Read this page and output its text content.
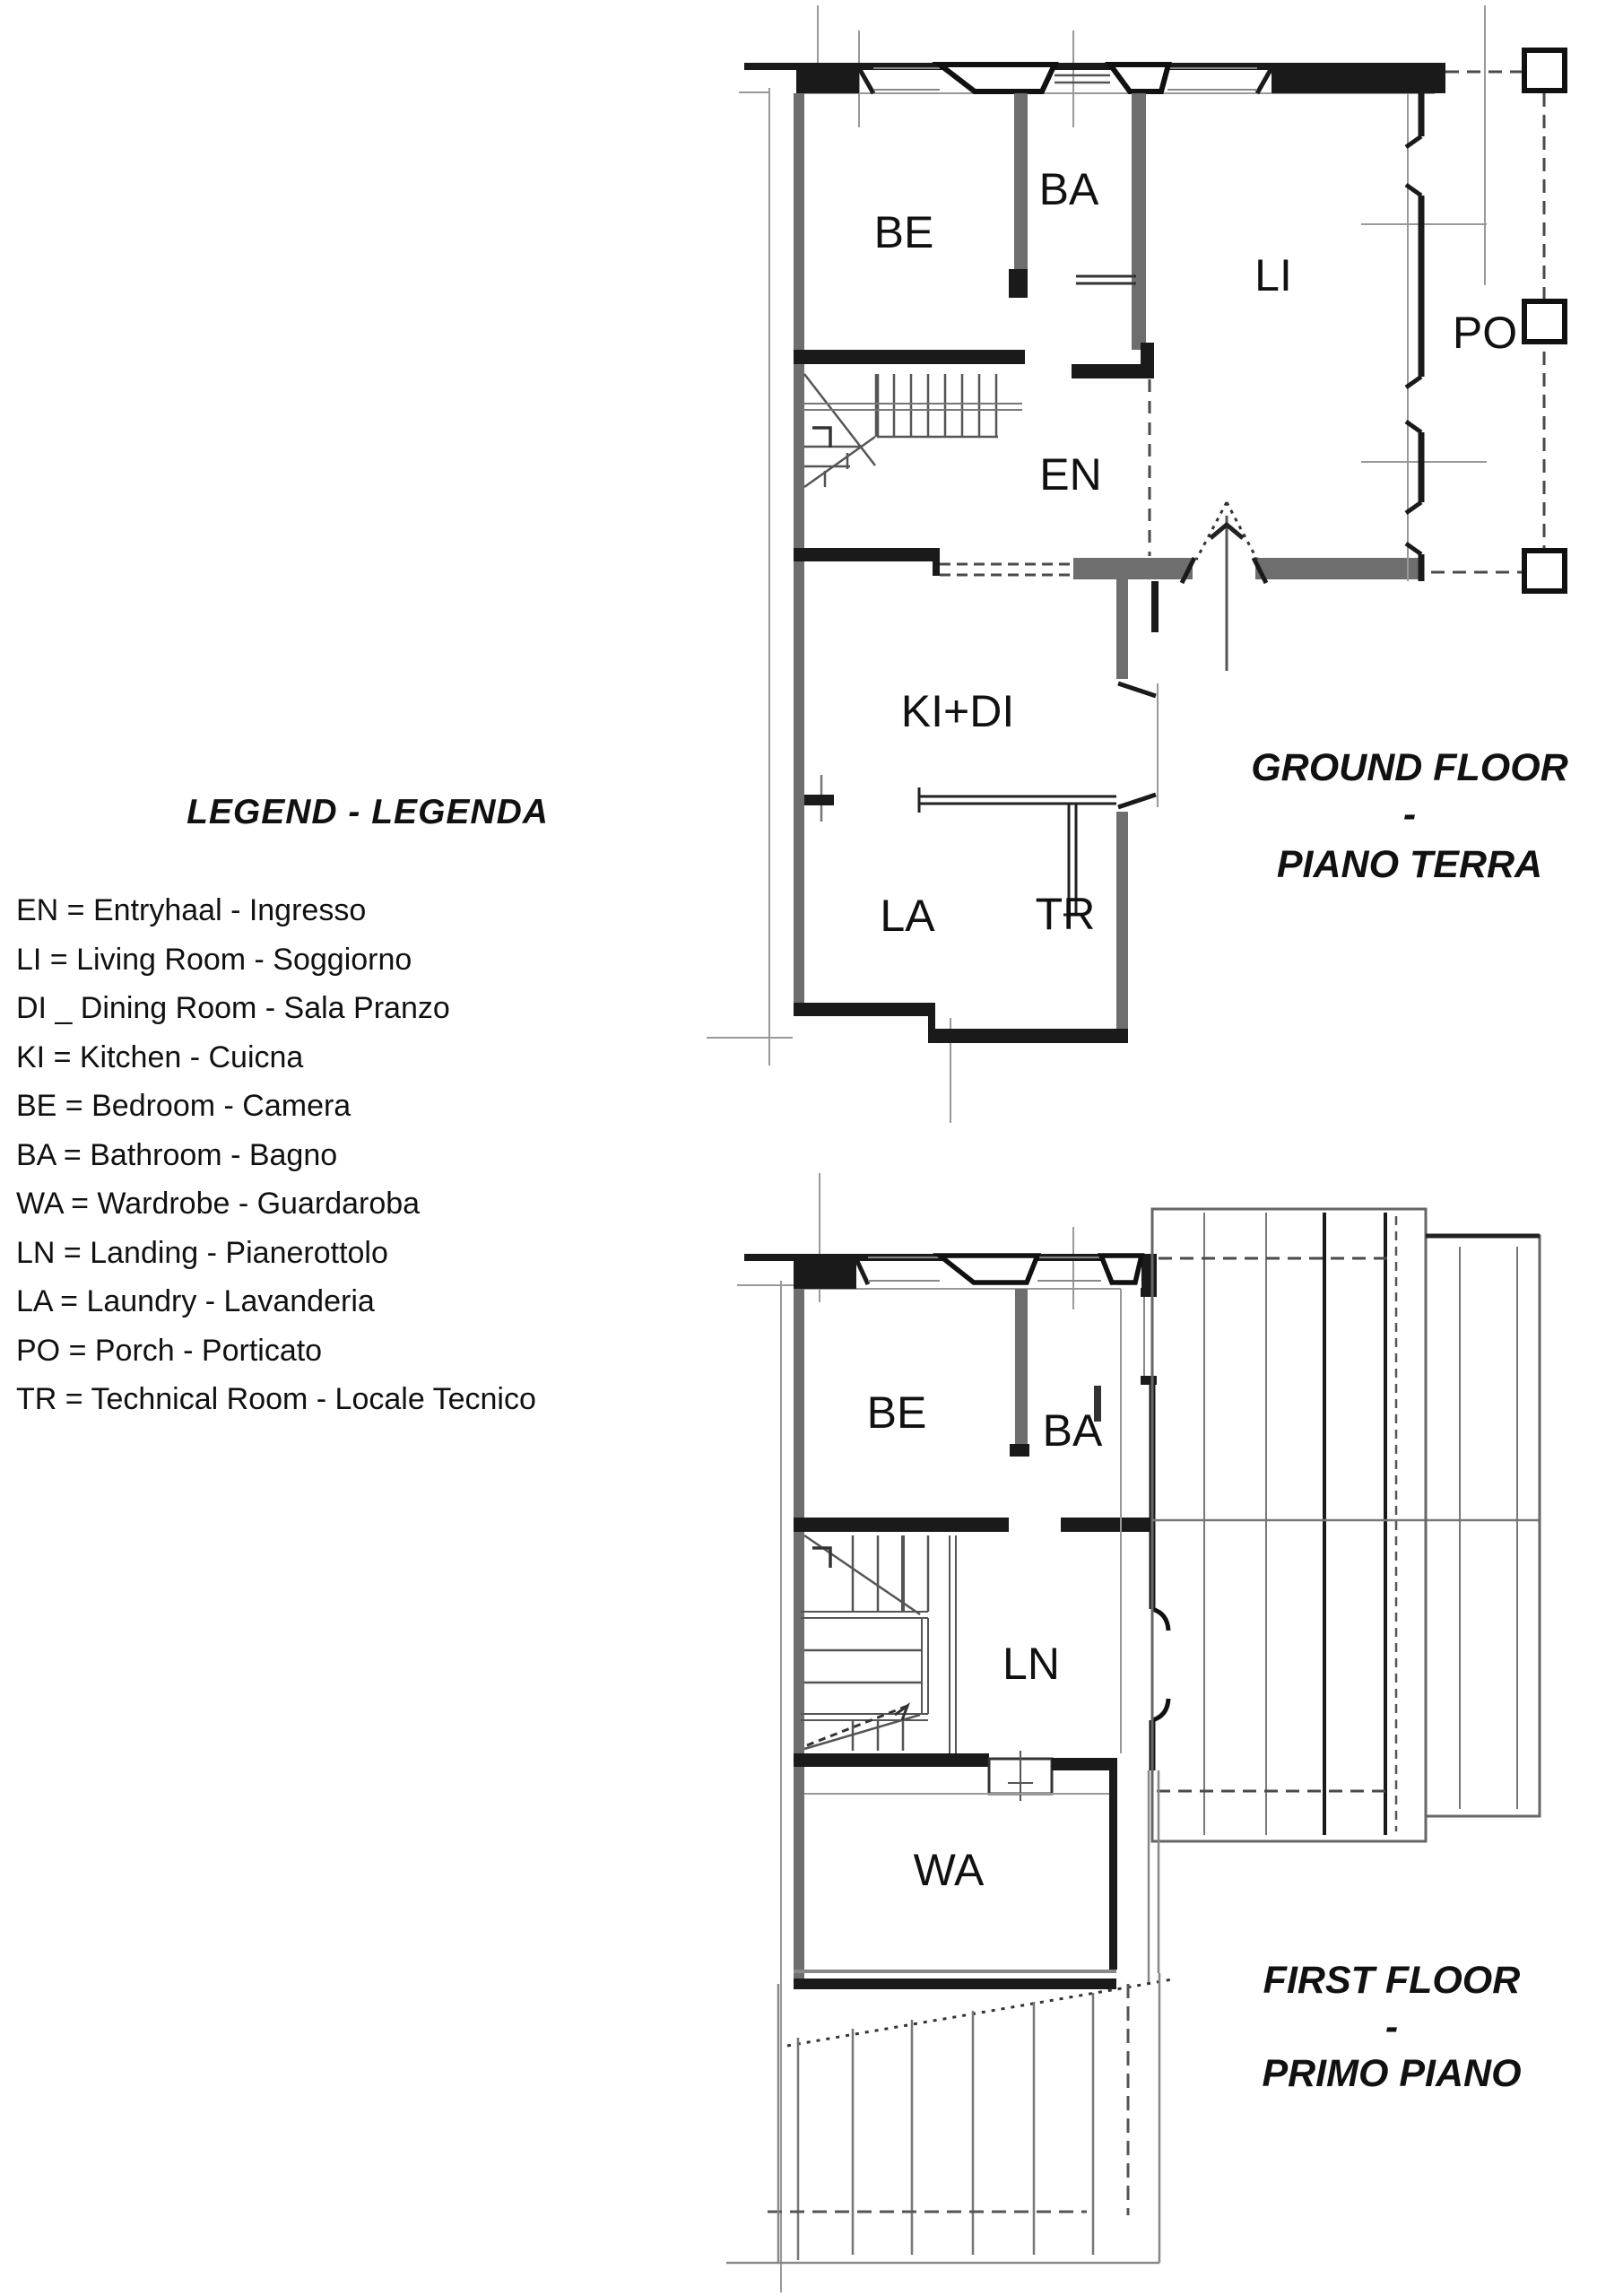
LEGEND - LEGENDA
EN = Entryhaal - Ingresso
LI = Living Room - Soggiorno
DI _ Dining Room - Sala Pranzo
KI = Kitchen - Cuicna
BE = Bedroom - Camera
BA = Bathroom - Bagno
WA = Wardrobe - Guardaroba
LN = Landing - Pianerottolo
LA = Laundry - Lavanderia
PO = Porch - Porticato
TR = Technical Room - Locale Tecnico
BE
BA
LI
PO
EN
KI+DI
LA TR
GROUND FLOOR
-
PIANO TERRA
BE	BA
LN
WA
FIRST FLOOR
-
PRIMO PIANO
